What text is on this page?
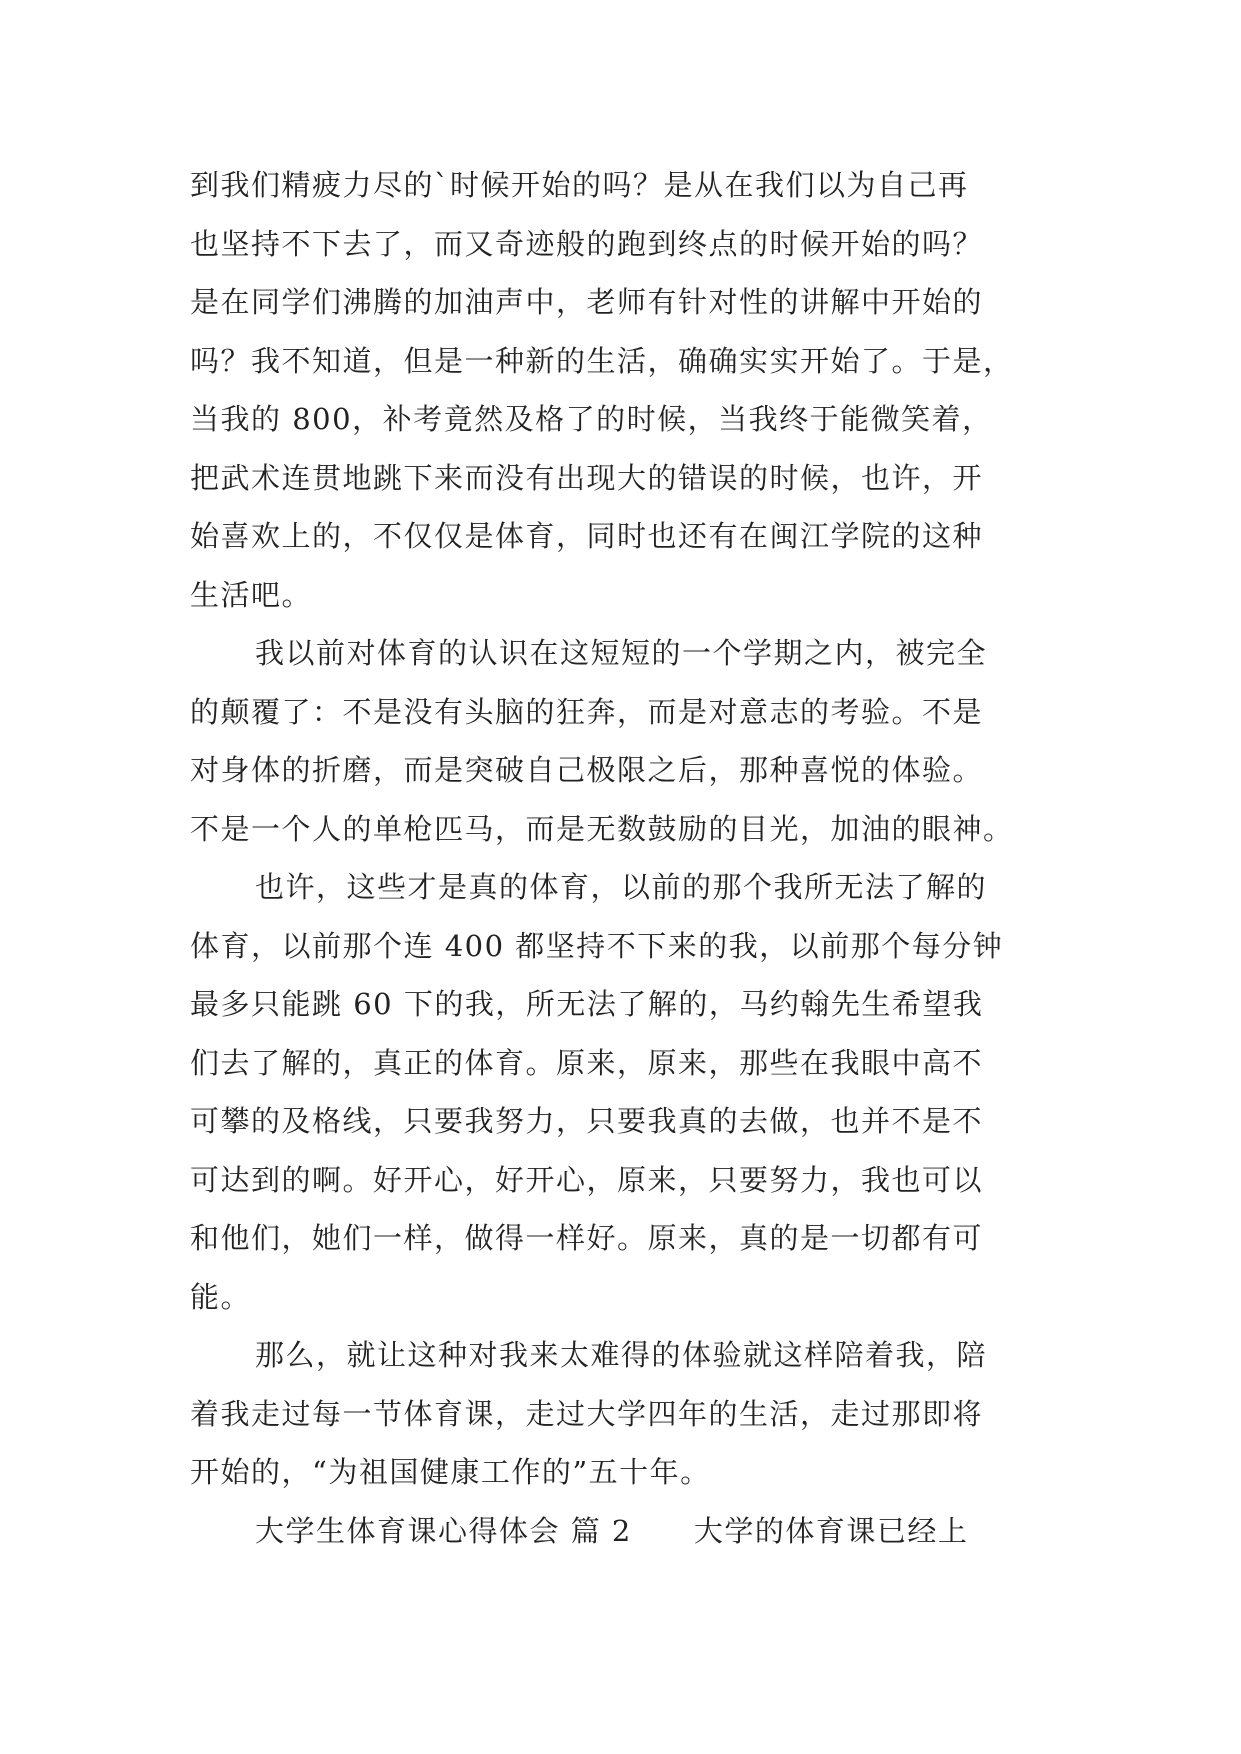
到我们精疲力尽的`时候开始的吗？是从在我们以为自己再
也坚持不下去了，而又奇迹般的跑到终点的时候开始的吗？
是在同学们沸腾的加油声中，老师有针对性的讲解中开始的
吗？我不知道，但是一种新的生活，确确实实开始了。于是，
当我的 800，补考竟然及格了的时候，当我终于能微笑着，
把武术连贯地跳下来而没有出现大的错误的时候，也许，开
始喜欢上的，不仅仅是体育，同时也还有在闽江学院的这种
生活吧。
我以前对体育的认识在这短短的一个学期之内，被完全
的颠覆了：不是没有头脑的狂奔，而是对意志的考验。不是
对身体的折磨，而是突破自己极限之后，那种喜悦的体验。
不是一个人的单枪匹马，而是无数鼓励的目光，加油的眼神。
也许，这些才是真的体育，以前的那个我所无法了解的
体育，以前那个连 400 都坚持不下来的我，以前那个每分钟
最多只能跳 60 下的我，所无法了解的，马约翰先生希望我
们去了解的，真正的体育。原来，原来，那些在我眼中高不
可攀的及格线，只要我努力，只要我真的去做，也并不是不
可达到的啊。好开心，好开心，原来，只要努力，我也可以
和他们，她们一样，做得一样好。原来，真的是一切都有可
能。
那么，就让这种对我来太难得的体验就这样陪着我，陪
着我走过每一节体育课，走过大学四年的生活，走过那即将
开始的，“为祖国健康工作的”五十年。
大学生体育课心得体会 篇 2 大学的体育课已经上
